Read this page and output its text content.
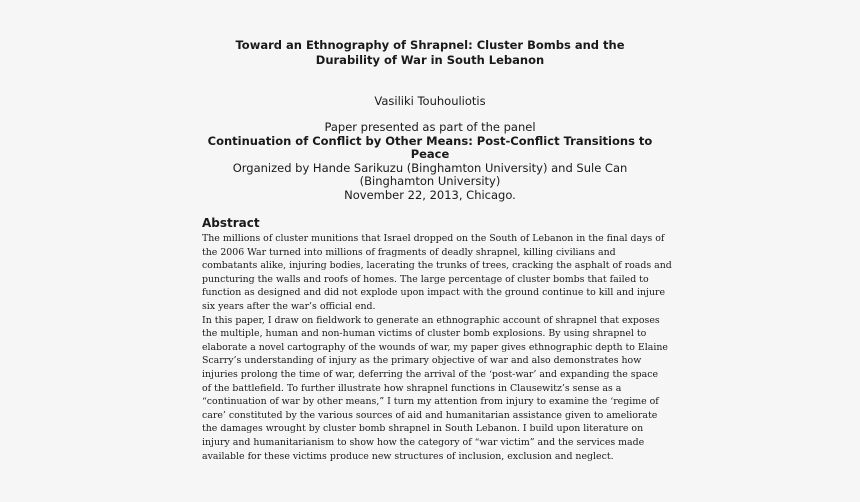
Toward an Ethnography of Shrapnel: Cluster Bombs and the
Durability of War in South Lebanon

Vasiliki Touhouliotis

Paper presented as part of the panel
Continuation of Conflict by Other Means: Post-Conflict Transitions to
Peace
Organized by Hande Sarikuzu (Binghamton University) and Sule Can
(Binghamton University)
November 22, 2013, Chicago.
Abstract
The millions of cluster munitions that Israel dropped on the South of Lebanon in the final days of
the 2006 War turned into millions of fragments of deadly shrapnel, killing civilians and
combatants alike, injuring bodies, lacerating the trunks of trees, cracking the asphalt of roads and
puncturing the walls and roofs of homes. The large percentage of cluster bombs that failed to
function as designed and did not explode upon impact with the ground continue to kill and injure
six years after the war’s official end.
In this paper, I draw on fieldwork to generate an ethnographic account of shrapnel that exposes
the multiple, human and non-human victims of cluster bomb explosions. By using shrapnel to
elaborate a novel cartography of the wounds of war, my paper gives ethnographic depth to Elaine
Scarry’s understanding of injury as the primary objective of war and also demonstrates how
injuries prolong the time of war, deferring the arrival of the ‘post-war’ and expanding the space
of the battlefield. To further illustrate how shrapnel functions in Clausewitz’s sense as a
“continuation of war by other means,” I turn my attention from injury to examine the ‘regime of
care’ constituted by the various sources of aid and humanitarian assistance given to ameliorate
the damages wrought by cluster bomb shrapnel in South Lebanon. I build upon literature on
injury and humanitarianism to show how the category of “war victim” and the services made
available for these victims produce new structures of inclusion, exclusion and neglect.
